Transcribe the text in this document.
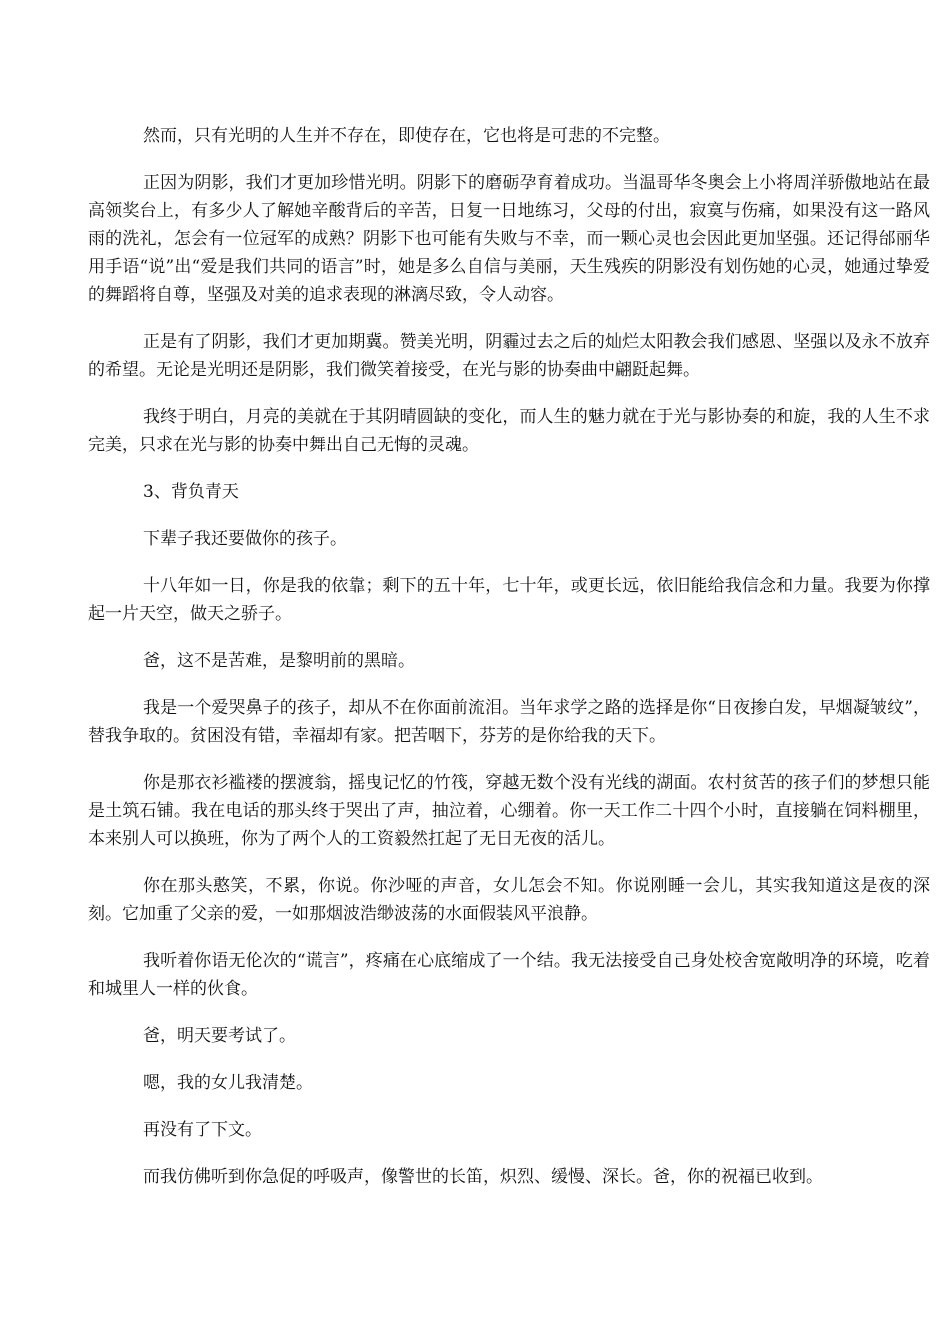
然而，只有光明的人生并不存在，即使存在，它也将是可悲的不完整。

正因为阴影，我们才更加珍惜光明。阴影下的磨砺孕育着成功。当温哥华冬奥会上小将周洋骄傲地站在最高领奖台上，有多少人了解她辛酸背后的辛苦，日复一日地练习，父母的付出，寂寞与伤痛，如果没有这一路风雨的洗礼，怎会有一位冠军的成熟？阴影下也可能有失败与不幸，而一颗心灵也会因此更加坚强。还记得邰丽华用手语“说”出“爱是我们共同的语言”时，她是多么自信与美丽，天生残疾的阴影没有划伤她的心灵，她通过挚爱的舞蹈将自尊，坚强及对美的追求表现的淋漓尽致，令人动容。

正是有了阴影，我们才更加期冀。赞美光明，阴霾过去之后的灿烂太阳教会我们感恩、坚强以及永不放弃的希望。无论是光明还是阴影，我们微笑着接受，在光与影的协奏曲中翩跹起舞。

我终于明白，月亮的美就在于其阴晴圆缺的变化，而人生的魅力就在于光与影协奏的和旋，我的人生不求完美，只求在光与影的协奏中舞出自己无悔的灵魂。

3、背负青天

下辈子我还要做你的孩子。

十八年如一日，你是我的依靠；剩下的五十年，七十年，或更长远，依旧能给我信念和力量。我要为你撑起一片天空，做天之骄子。

爸，这不是苦难，是黎明前的黑暗。

我是一个爱哭鼻子的孩子，却从不在你面前流泪。当年求学之路的选择是你“日夜掺白发，早烟凝皱纹”，替我争取的。贫困没有错，幸福却有家。把苦咽下，芬芳的是你给我的天下。

你是那衣衫褴褛的摆渡翁，摇曳记忆的竹筏，穿越无数个没有光线的湖面。农村贫苦的孩子们的梦想只能是土筑石铺。我在电话的那头终于哭出了声，抽泣着，心绷着。你一天工作二十四个小时，直接躺在饲料棚里，本来别人可以换班，你为了两个人的工资毅然扛起了无日无夜的活儿。

你在那头憨笑，不累，你说。你沙哑的声音，女儿怎会不知。你说刚睡一会儿，其实我知道这是夜的深刻。它加重了父亲的爱，一如那烟波浩缈波荡的水面假装风平浪静。

我听着你语无伦次的“谎言”，疼痛在心底缩成了一个结。我无法接受自己身处校舍宽敞明净的环境，吃着和城里人一样的伙食。

爸，明天要考试了。

嗯，我的女儿我清楚。

再没有了下文。

而我仿佛听到你急促的呼吸声，像警世的长笛，炽烈、缓慢、深长。爸，你的祝福已收到。
